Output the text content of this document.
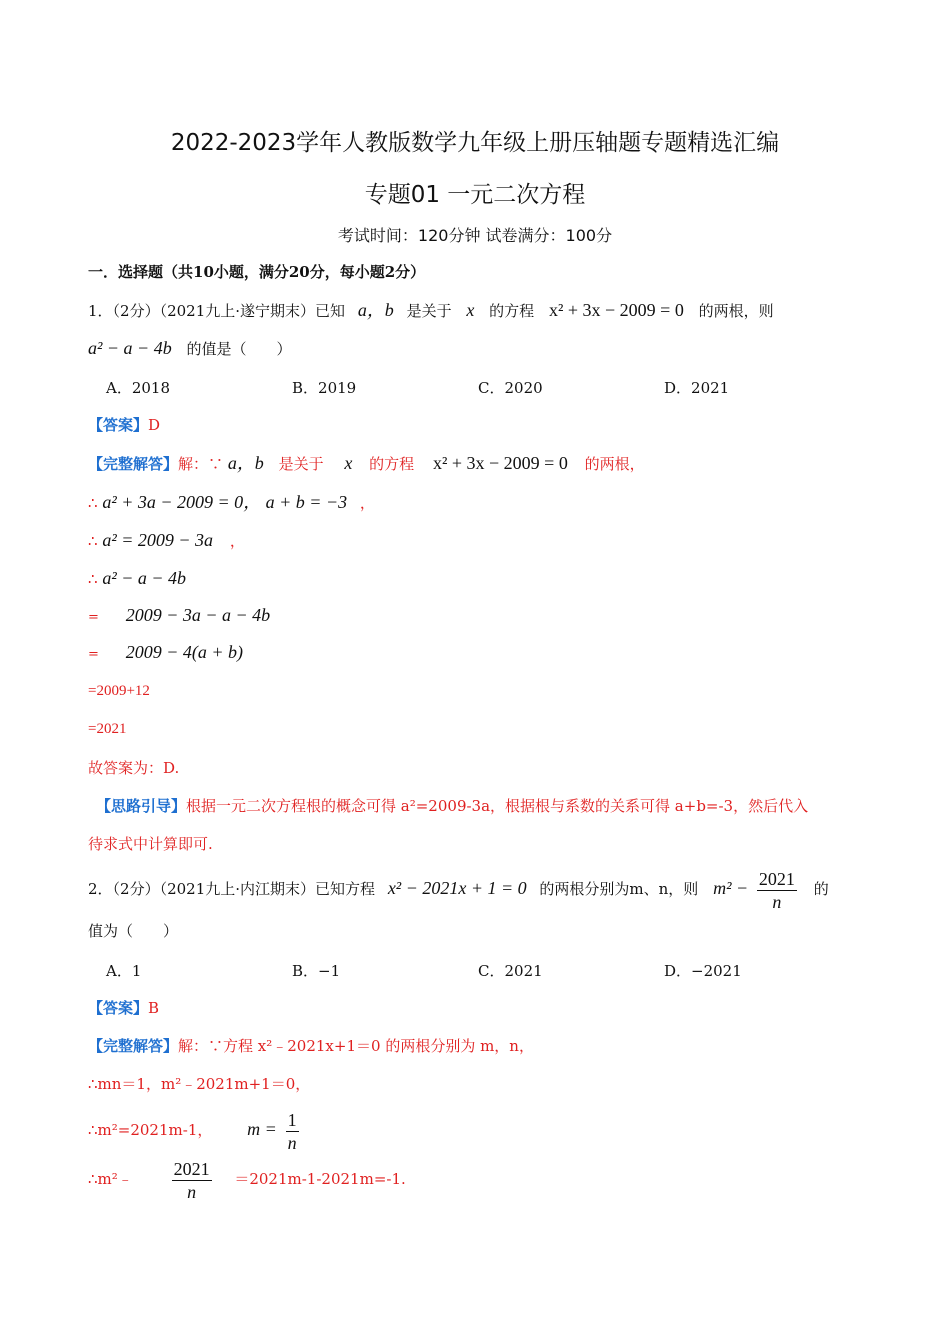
2022-2023学年人教版数学九年级上册压轴题专题精选汇编
专题01 一元二次方程
考试时间：120分钟 试卷满分：100分
一．选择题（共10小题，满分20分，每小题2分）
1．（2分）（2021九上·遂宁期末）已知 a，b 是关于 x 的方程 x² + 3x − 2009 = 0 的两根，则
a² − a − 4b 的值是（　　）
A．2018	B．2019	C．2020	D．2021
【答案】D
【完整解答】解：∵ a，b 是关于 x 的方程 x² + 3x − 2009 = 0 的两根，
∴ a² + 3a − 2009 = 0， a + b = −3 ，
∴ a² = 2009 − 3a ，
∴ a² − a − 4b
= 2009 − 3a − a − 4b
= 2009 − 4(a + b)
=2009+12
=2021
故答案为：D.
【思路引导】根据一元二次方程根的概念可得 a²=2009-3a，根据根与系数的关系可得 a+b=-3，然后代入
待求式中计算即可.
2．（2分）（2021九上·内江期末）已知方程 x² − 2021x + 1 = 0 的两根分别为m、n，则 $m^2 - \frac{2021}{n}$ 的
值为（　　）
A．1	B．−1	C．2021	D．−2021
【答案】B
【完整解答】解：∵方程 x²﹣2021x+1＝0 的两根分别为 m，n，
∴mn＝1，m²﹣2021m+1＝0，
∴m²=2021m-1， $m = \frac{1}{n}$
∴m²﹣ $\frac{2021}{n} =2021m-1-2021m=-1$.
